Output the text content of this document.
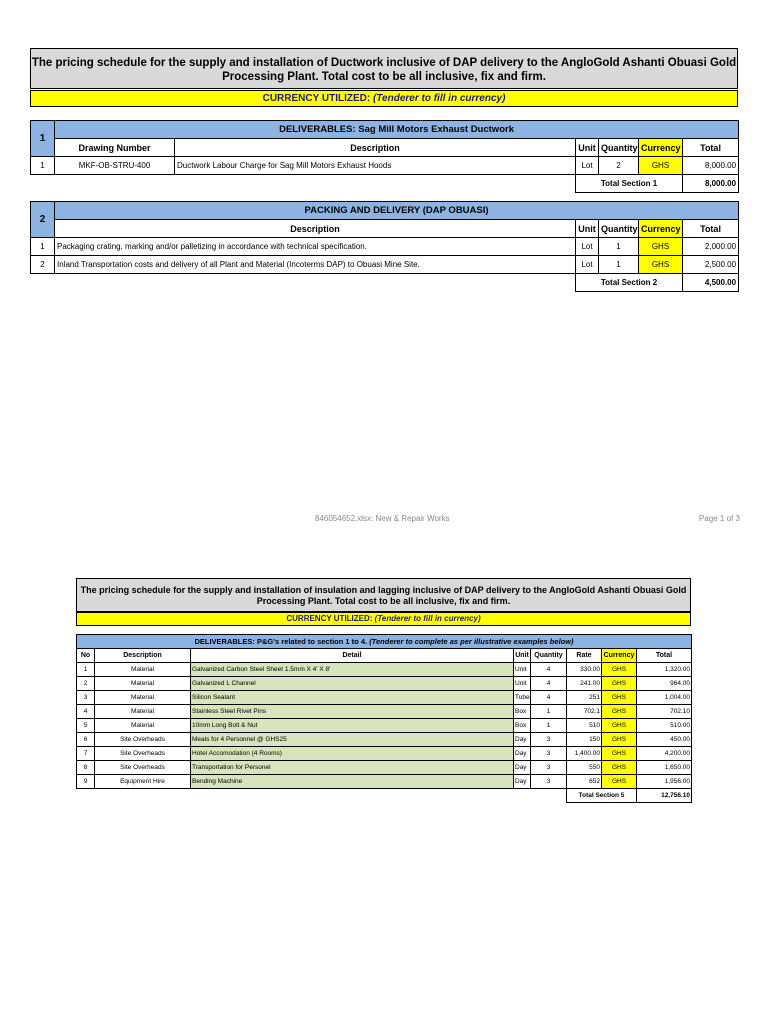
The pricing schedule for the supply and installation of Ductwork inclusive of DAP delivery to the AngloGold Ashanti Obuasi Gold
Processing Plant. Total cost to be all inclusive, fix and firm.
CURRENCY UTILIZED: (Tenderer to fill in currency)
1	DELIVERABLES: Sag Mill Motors Exhaust Ductwork					
	Drawing Number	Description	Unit	Quantity	Currency	Total
1	MKF-OB-STRU-400	Ductwork Labour Charge for Sag Mill Motors Exhaust Hoods	Lot	2	GHS	8,000.00
			Total Section 1			8,000.00
2	PACKING AND DELIVERY (DAP OBUASI)				
	Description	Unit	Quantity	Currency	Total
1	Packaging crating, marking and/or palletizing in accordance with technical specification.	Lot	1	GHS	2,000.00
2	Inland Transportation costs and delivery of all Plant and Material (Incoterms DAP) to Obuasi Mine Site.	Lot	1	GHS	2,500.00
		Total Section 2			4,500.00
846054652.xlsx: New & Repair Works	Page 1 of 3
The pricing schedule for the supply and installation of insulation and lagging inclusive of DAP delivery to the AngloGold Ashanti Obuasi Gold
Processing Plant. Total cost to be all inclusive, fix and firm.
CURRENCY UTILIZED: (Tenderer to fill in currency)
DELIVERABLES: P&G's related to section 1 to 4. (Tenderer to complete as per illustrative examples below)							
No	Description	Detail	Unit	Quantity	Rate	Currency	Total
1	Material	Galvanized Carbon Steel Sheet 1.5mm X 4' X 8'	Unit	4	330.00	GHS	1,320.00
2	Material	Galvanized L Channel	Unit	4	241.00	GHS	964.00
3	Material	Silicon Sealant	Tube	4	251	GHS	1,004.00
4	Material	Stainless Steel Rivet Pins	Box	1	702.1	GHS	702.10
5	Material	10mm Long Bolt & Nut	Box	1	510	GHS	510.00
6	Site Overheads	Meals for 4 Personnel @ GHS25	Day	3	150	GHS	450.00
7	Site Overheads	Hotel Accomodation (4 Rooms)	Day	3	1,400.00	GHS	4,200.00
8	Site Overheads	Transportation for Personel	Day	3	550	GHS	1,650.00
9	Equipment Hire	Bending Machine	Day	3	652	GHS	1,956.00
					Total Section 5		12,756.10
